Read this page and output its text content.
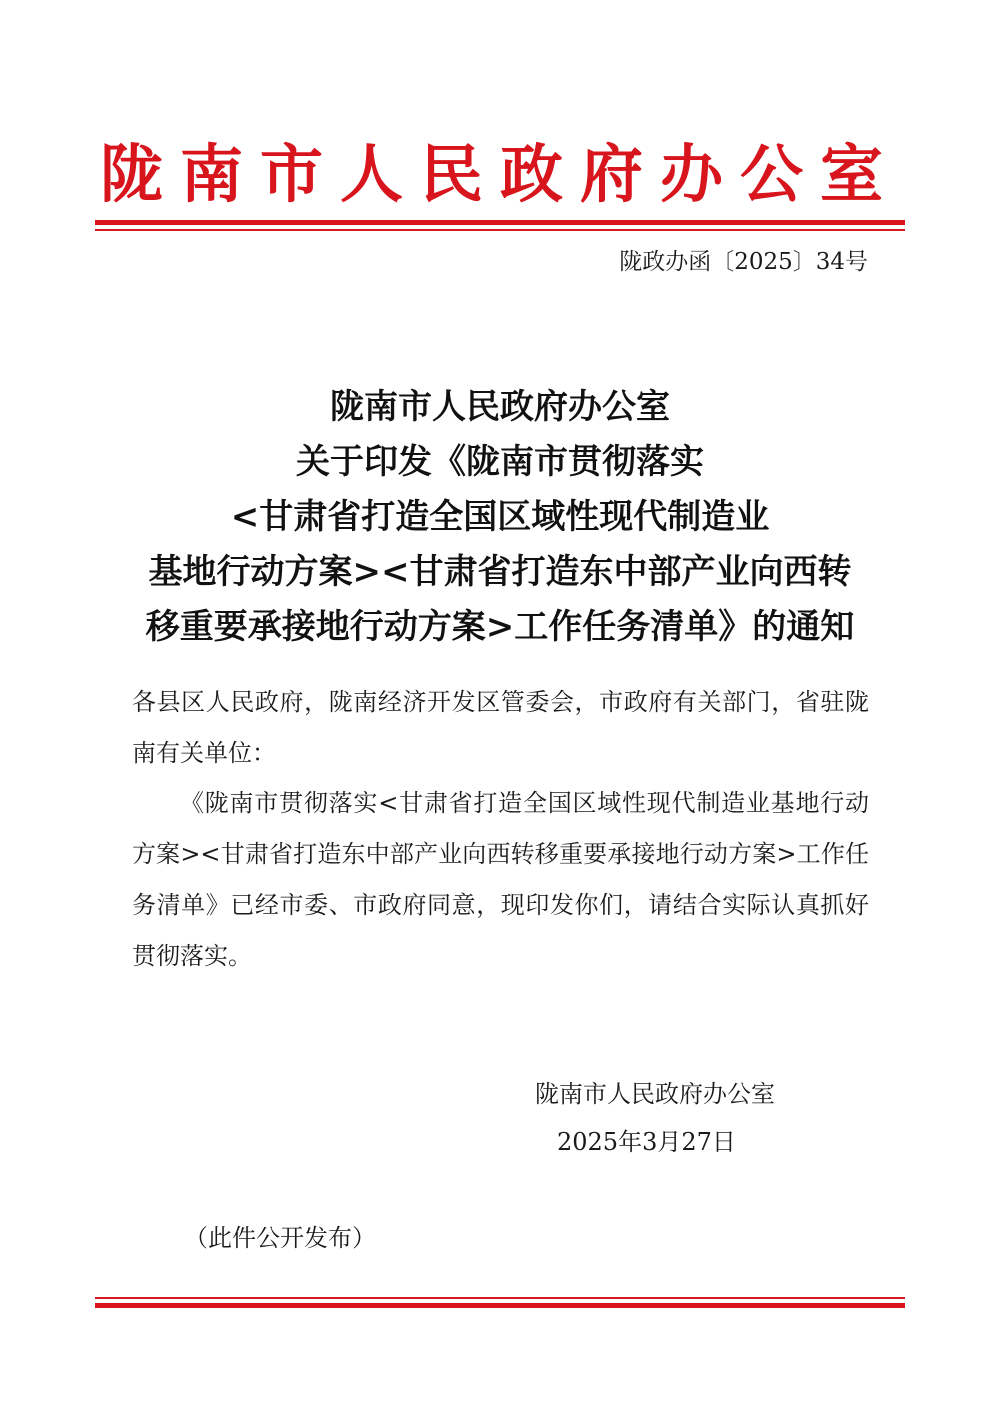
陇南市人民政府办公室
陇政办函〔2025〕34号
陇南市人民政府办公室
关于印发《陇南市贯彻落实
<甘肃省打造全国区域性现代制造业
基地行动方案><甘肃省打造东中部产业向西转
移重要承接地行动方案>工作任务清单》的通知
各县区人民政府，陇南经济开发区管委会，市政府有关部门，省驻陇南有关单位：
《陇南市贯彻落实<甘肃省打造全国区域性现代制造业基地行动方案><甘肃省打造东中部产业向西转移重要承接地行动方案>工作任务清单》已经市委、市政府同意，现印发你们，请结合实际认真抓好贯彻落实。
陇南市人民政府办公室
2025年3月27日
（此件公开发布）
